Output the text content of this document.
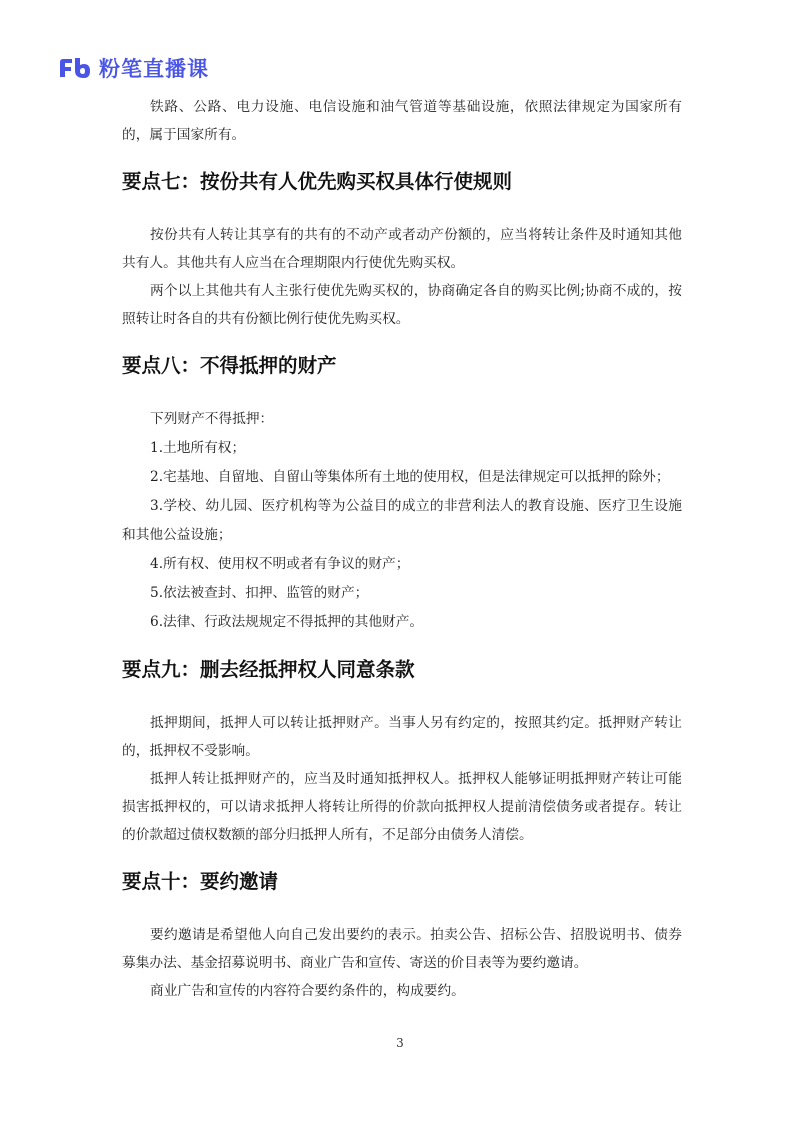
Fb
粉笔直播课

铁路、公路、电力设施、电信设施和油气管道等基础设施，依照法律规定为国家所有的，属于国家所有。

要点七：按份共有人优先购买权具体行使规则

按份共有人转让其享有的共有的不动产或者动产份额的，应当将转让条件及时通知其他共有人。其他共有人应当在合理期限内行使优先购买权。

两个以上其他共有人主张行使优先购买权的，协商确定各自的购买比例;协商不成的，按照转让时各自的共有份额比例行使优先购买权。

要点八：不得抵押的财产

下列财产不得抵押：

1.土地所有权；

2.宅基地、自留地、自留山等集体所有土地的使用权，但是法律规定可以抵押的除外；

3.学校、幼儿园、医疗机构等为公益目的成立的非营利法人的教育设施、医疗卫生设施和其他公益设施；

4.所有权、使用权不明或者有争议的财产；

5.依法被查封、扣押、监管的财产；

6.法律、行政法规规定不得抵押的其他财产。

要点九：删去经抵押权人同意条款

抵押期间，抵押人可以转让抵押财产。当事人另有约定的，按照其约定。抵押财产转让的，抵押权不受影响。

抵押人转让抵押财产的，应当及时通知抵押权人。抵押权人能够证明抵押财产转让可能损害抵押权的，可以请求抵押人将转让所得的价款向抵押权人提前清偿债务或者提存。转让的价款超过债权数额的部分归抵押人所有，不足部分由债务人清偿。

要点十：要约邀请

要约邀请是希望他人向自己发出要约的表示。拍卖公告、招标公告、招股说明书、债券募集办法、基金招募说明书、商业广告和宣传、寄送的价目表等为要约邀请。

商业广告和宣传的内容符合要约条件的，构成要约。

3
